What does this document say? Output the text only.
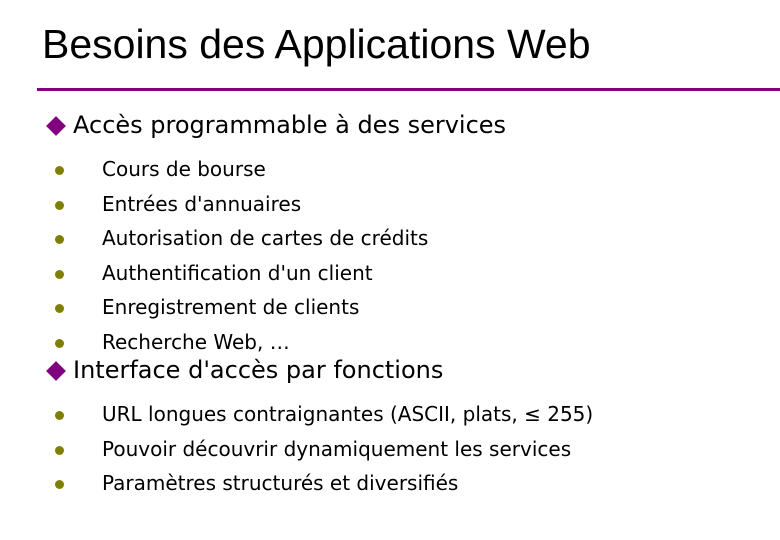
Besoins des Applications Web
Accès programmable à des services
Cours de bourse
Entrées d'annuaires
Autorisation de cartes de crédits
Authentification d'un client
Enregistrement de clients
Recherche Web, …
Interface d'accès par fonctions
URL longues contraignantes (ASCII, plats, ≤ 255)
Pouvoir découvrir dynamiquement les services
Paramètres structurés et diversifiés
